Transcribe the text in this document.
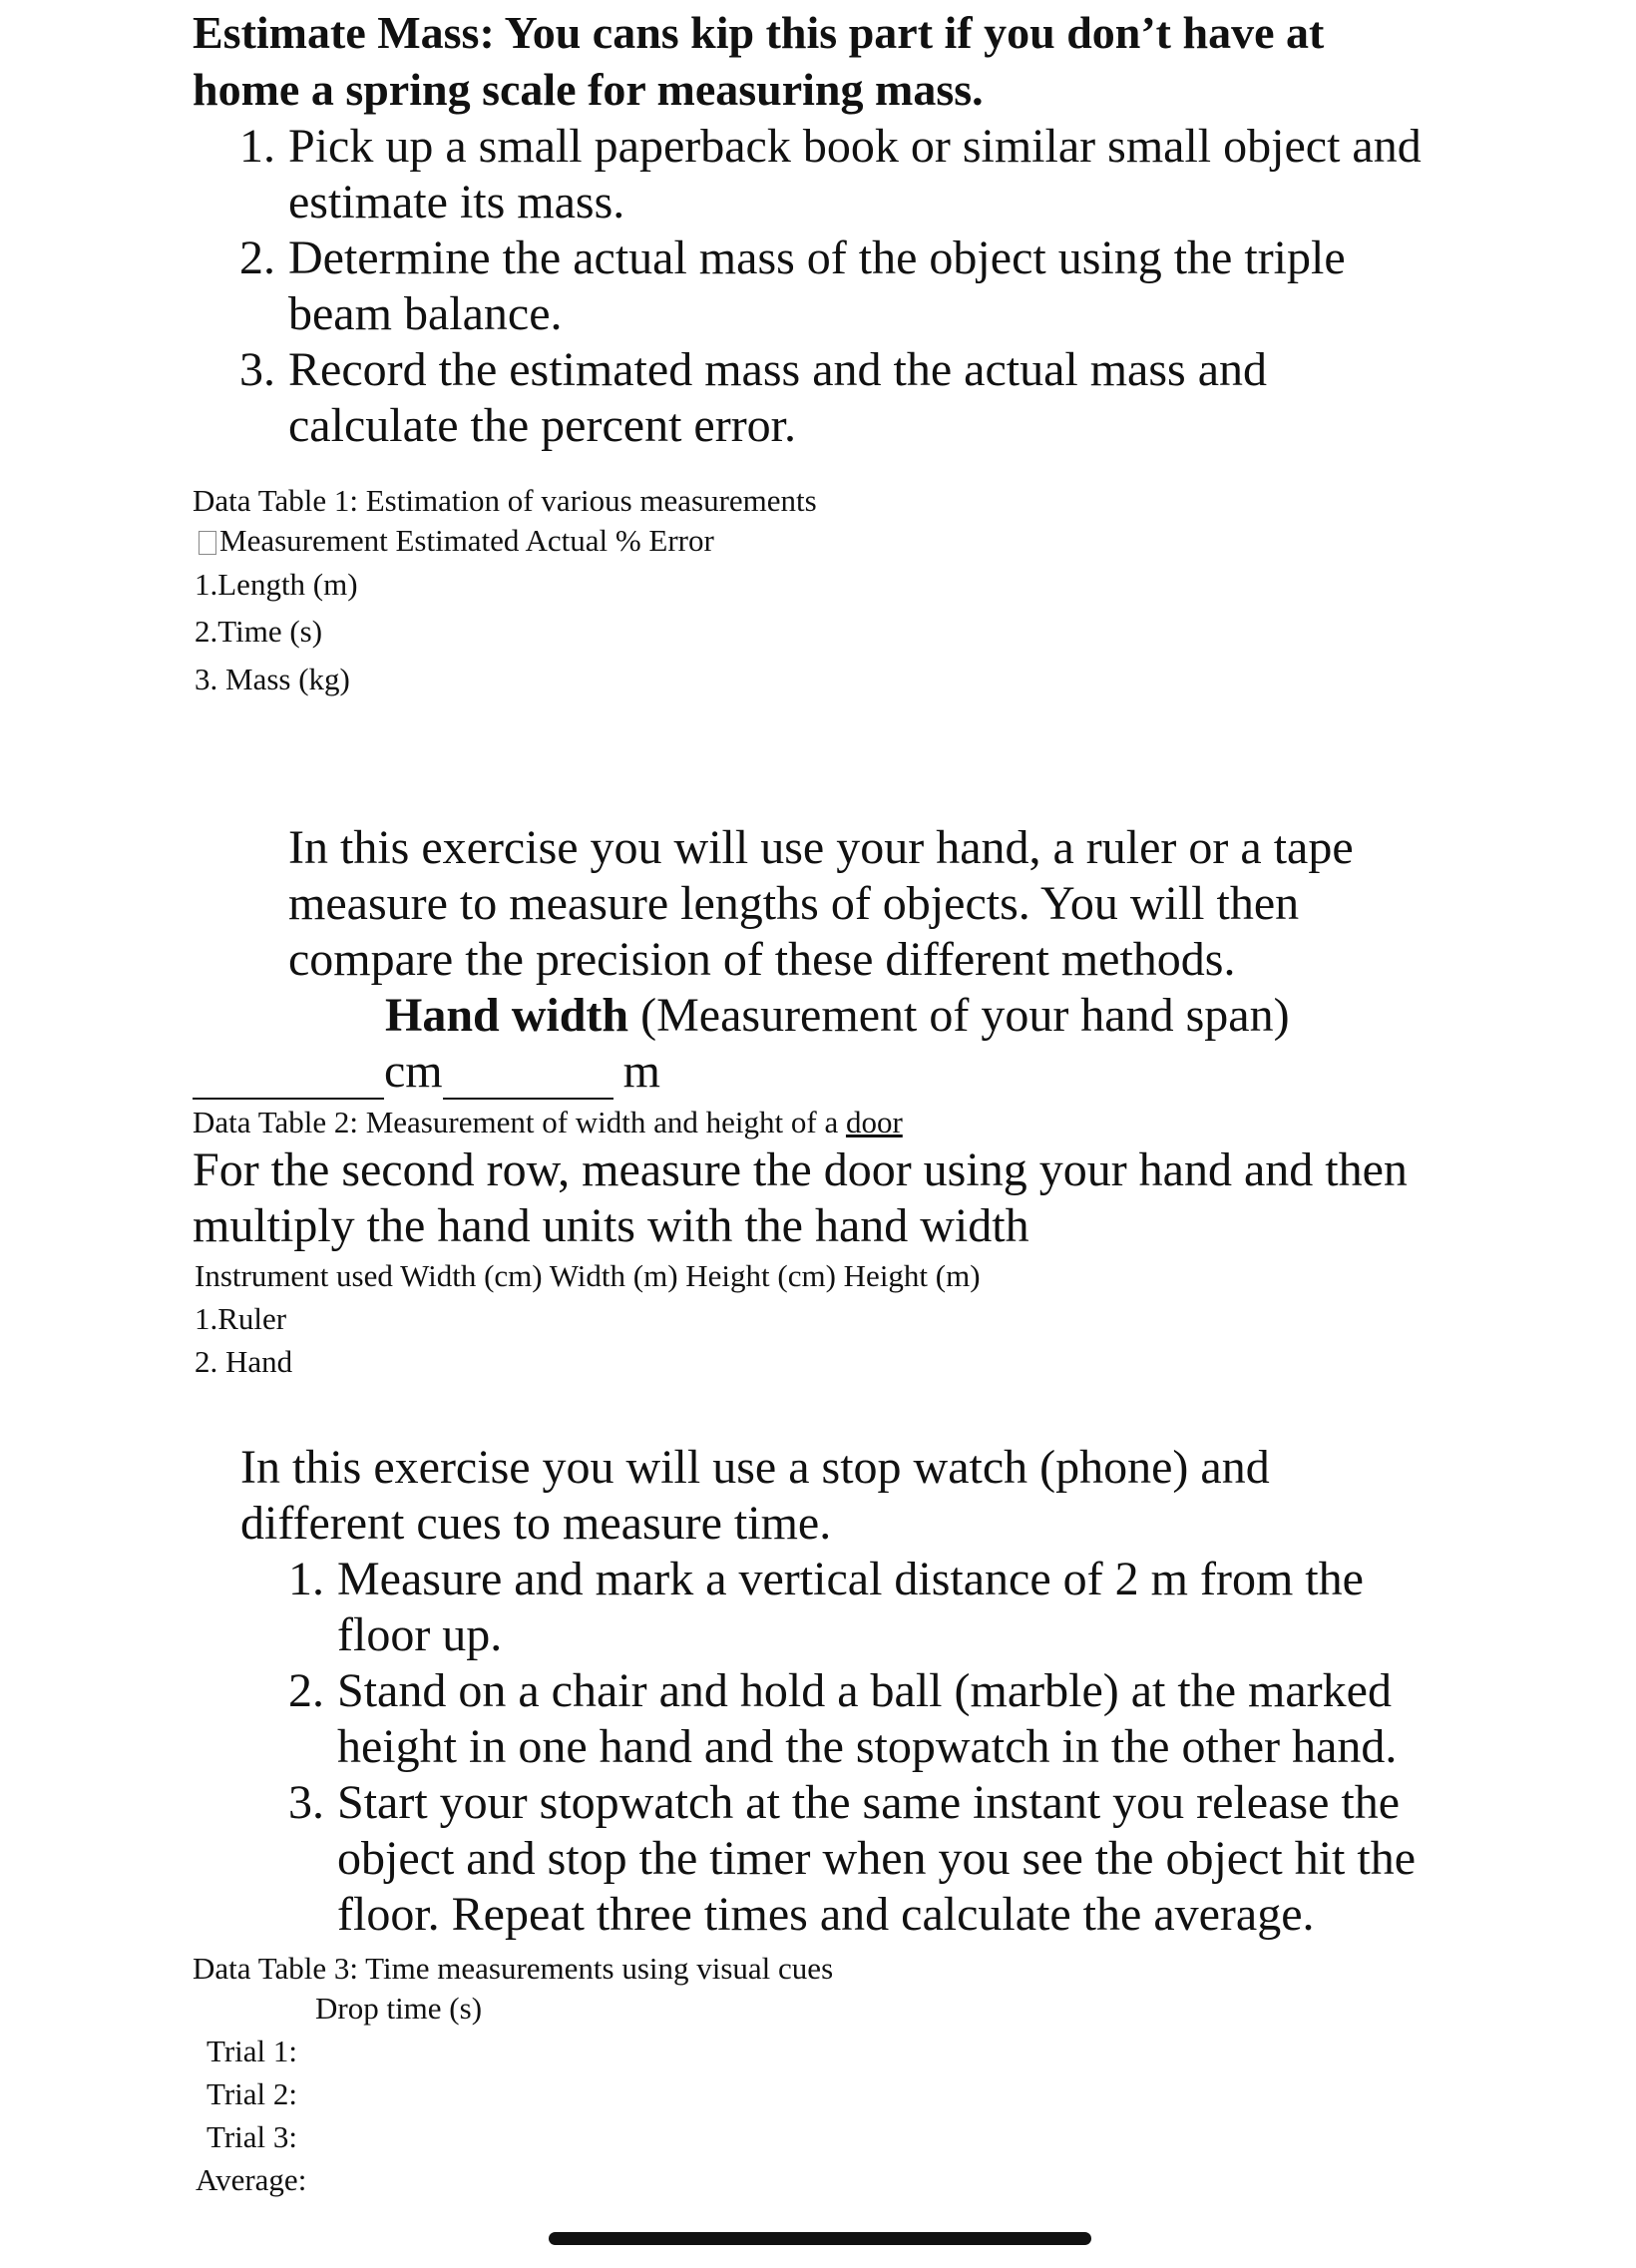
Estimate Mass: You cans kip this part if you don’t have at
home a spring scale for measuring mass.
1. Pick up a small paperback book or similar small object and
estimate its mass.
2. Determine the actual mass of the object using the triple
beam balance.
3. Record the estimated mass and the actual mass and
calculate the percent error.
Data Table 1: Estimation of various measurements
Measurement Estimated Actual % Error
1.Length (m)
2.Time (s)
3. Mass (kg)
In this exercise you will use your hand, a ruler or a tape
measure to measure lengths of objects. You will then
compare the precision of these different methods.
Hand width (Measurement of your hand span)
cm	m
Data Table 2: Measurement of width and height of a door
For the second row, measure the door using your hand and then
multiply the hand units with the hand width
Instrument used Width (cm) Width (m) Height (cm) Height (m)
1.Ruler
2. Hand
In this exercise you will use a stop watch (phone) and
different cues to measure time.
1. Measure and mark a vertical distance of 2 m from the
floor up.
2. Stand on a chair and hold a ball (marble) at the marked
height in one hand and the stopwatch in the other hand.
3. Start your stopwatch at the same instant you release the
object and stop the timer when you see the object hit the
floor. Repeat three times and calculate the average.
Data Table 3: Time measurements using visual cues
Drop time (s)
Trial 1:
Trial 2:
Trial 3:
Average:
